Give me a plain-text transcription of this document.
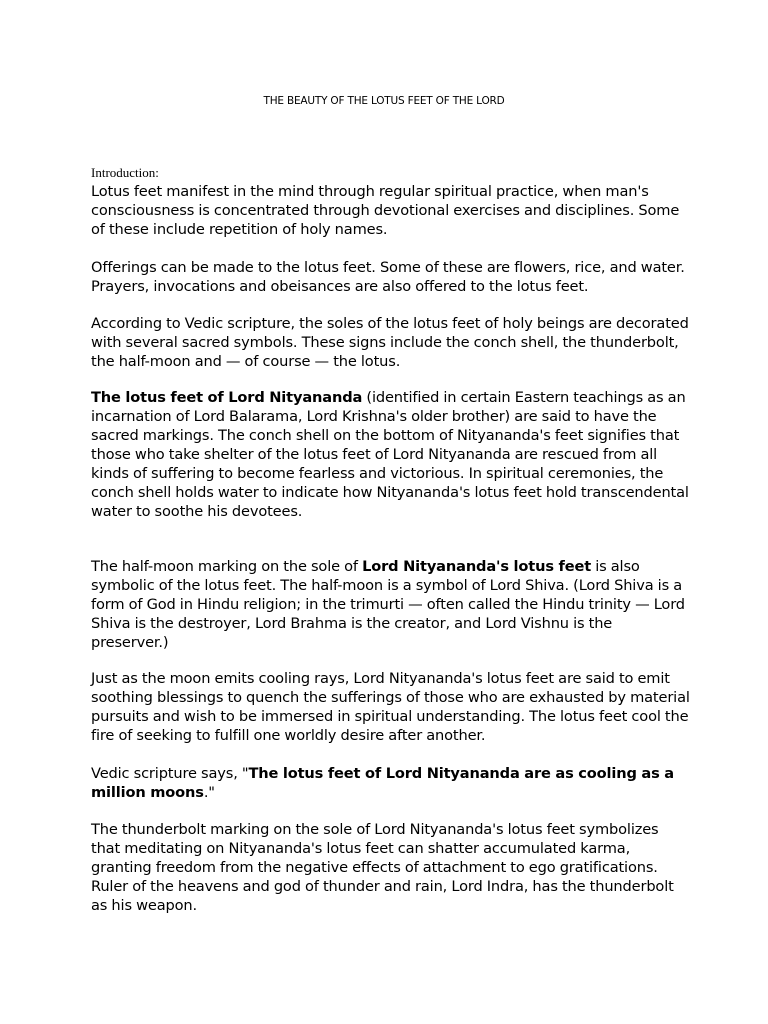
THE BEAUTY OF THE LOTUS FEET OF THE LORD
Introduction:
Lotus feet manifest in the mind through regular spiritual practice, when man's consciousness is concentrated through devotional exercises and disciplines. Some of these include repetition of holy names.
Offerings can be made to the lotus feet. Some of these are flowers, rice, and water. Prayers, invocations and obeisances are also offered to the lotus feet.
According to Vedic scripture, the soles of the lotus feet of holy beings are decorated with several sacred symbols. These signs include the conch shell, the thunderbolt, the half-moon and — of course — the lotus.
The lotus feet of Lord Nityananda (identified in certain Eastern teachings as an incarnation of Lord Balarama, Lord Krishna's older brother) are said to have the sacred markings. The conch shell on the bottom of Nityananda's feet signifies that those who take shelter of the lotus feet of Lord Nityananda are rescued from all kinds of suffering to become fearless and victorious. In spiritual ceremonies, the conch shell holds water to indicate how Nityananda's lotus feet hold transcendental water to soothe his devotees.
The half-moon marking on the sole of Lord Nityananda's lotus feet is also symbolic of the lotus feet. The half-moon is a symbol of Lord Shiva. (Lord Shiva is a form of God in Hindu religion; in the trimurti — often called the Hindu trinity — Lord Shiva is the destroyer, Lord Brahma is the creator, and Lord Vishnu is the preserver.)
Just as the moon emits cooling rays, Lord Nityananda's lotus feet are said to emit soothing blessings to quench the sufferings of those who are exhausted by material pursuits and wish to be immersed in spiritual understanding. The lotus feet cool the fire of seeking to fulfill one worldly desire after another.
Vedic scripture says, "The lotus feet of Lord Nityananda are as cooling as a million moons."
The thunderbolt marking on the sole of Lord Nityananda's lotus feet symbolizes that meditating on Nityananda's lotus feet can shatter accumulated karma, granting freedom from the negative effects of attachment to ego gratifications. Ruler of the heavens and god of thunder and rain, Lord Indra, has the thunderbolt as his weapon.
